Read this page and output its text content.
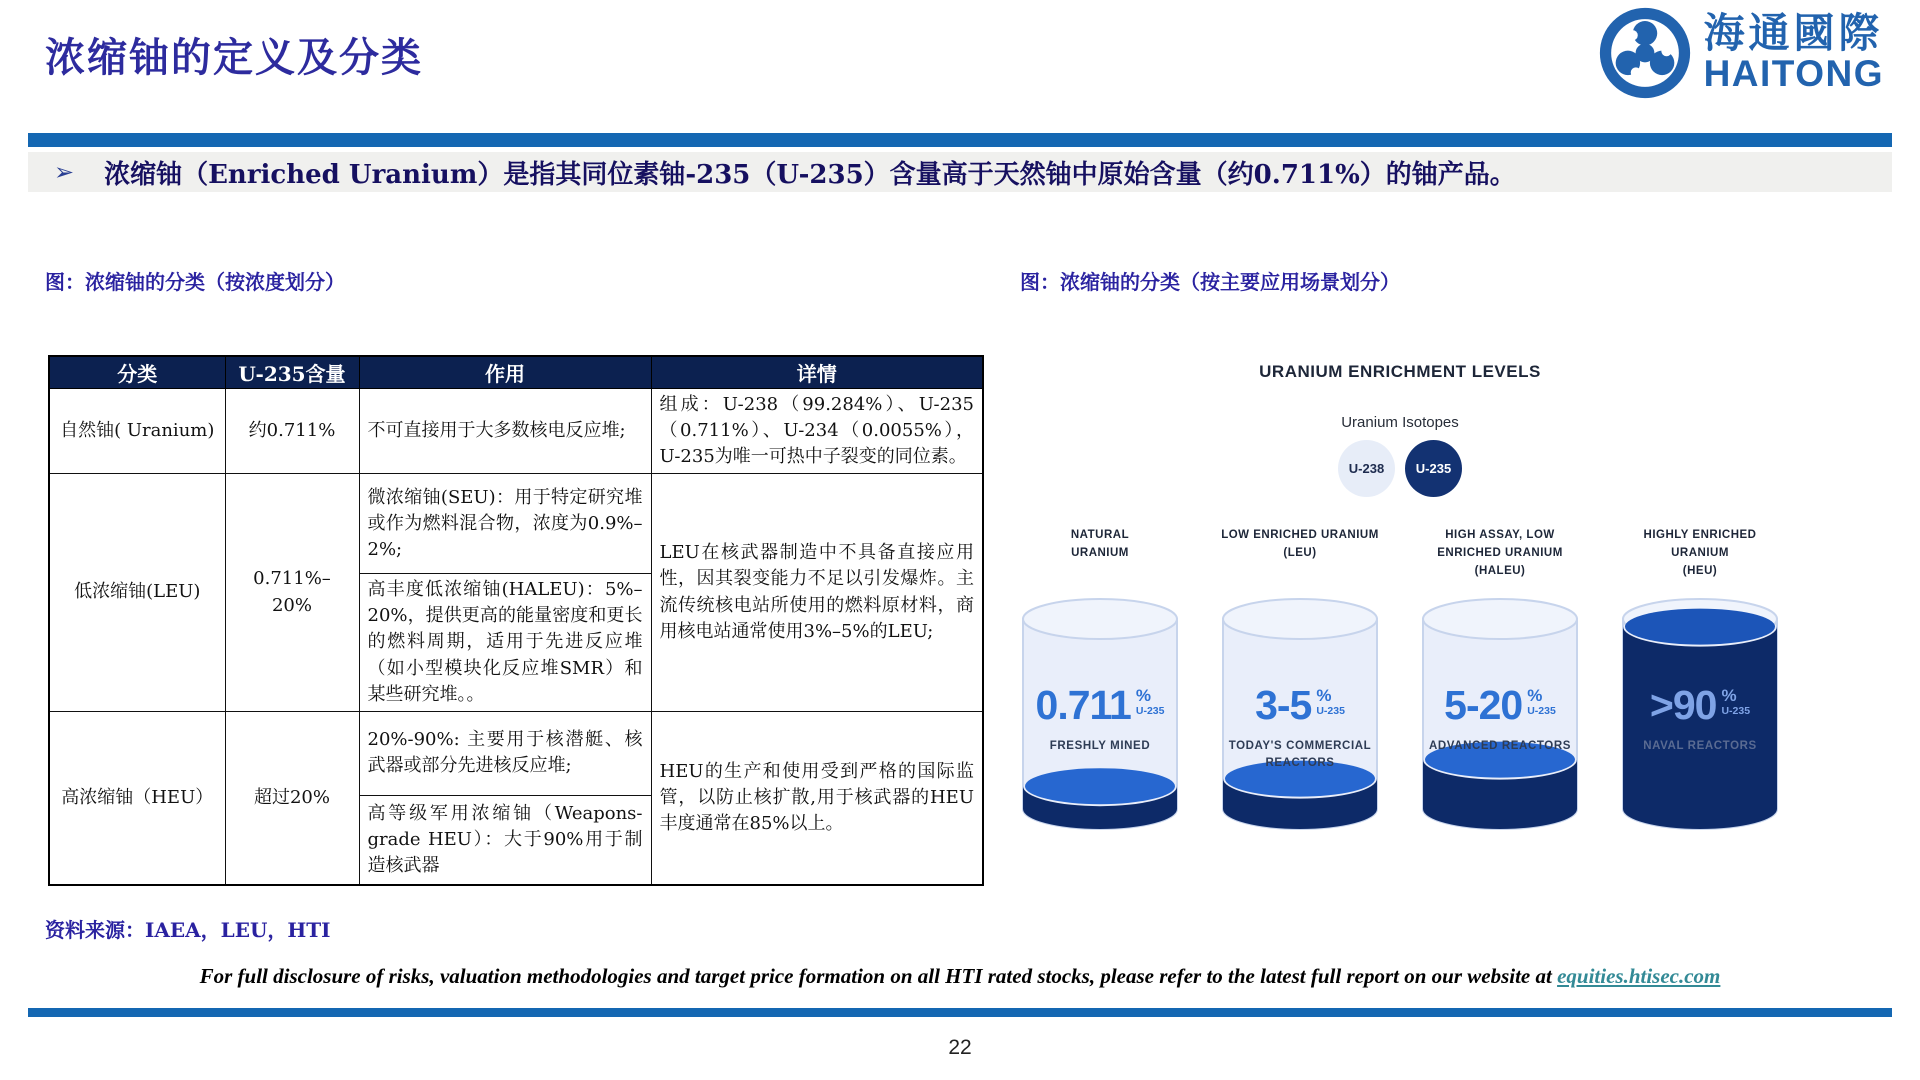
浓缩铀的定义及分类
海通國際
HAITONG
➢ 浓缩铀（Enriched Uranium）是指其同位素铀-235（U-235）含量高于天然铀中原始含量（约0.711%）的铀产品。
图：浓缩铀的分类（按浓度划分）	图：浓缩铀的分类（按主要应用场景划分）
分类	U-235含量	作用	详情
自然铀( Uranium)	约0.711%	不可直接用于大多数核电反应堆;	组成：U-238（99.284%）、U-235（0.711%）、U-234（0.0055%），U-235为唯一可热中子裂变的同位素。
低浓缩铀(LEU)	0.711%–20%	微浓缩铀(SEU)：用于特定研究堆或作为燃料混合物，浓度为0.9%–2%;	LEU在核武器制造中不具备直接应用性，因其裂变能力不足以引发爆炸。主流传统核电站所使用的燃料原材料，商用核电站通常使用3%–5%的LEU;
		高丰度低浓缩铀(HALEU)：5%–20%，提供更高的能量密度和更长的燃料周期，适用于先进反应堆（如小型模块化反应堆SMR）和某些研究堆。。	
高浓缩铀（HEU）	超过20%	20%-90%: 主要用于核潜艇、核武器或部分先进核反应堆;	HEU的生产和使用受到严格的国际监管，以防止核扩散,用于核武器的HEU丰度通常在85%以上。
		高等级军用浓缩铀（Weapons-grade HEU）：大于90%用于制造核武器	
URANIUM ENRICHMENT LEVELS
Uranium Isotopes
U-238	U-235
NATURAL
URANIUM
0.711 %
U-235
FRESHLY MINED
LOW ENRICHED URANIUM
(LEU)
3-5 %
U-235
TODAY'S COMMERCIAL REACTORS
HIGH ASSAY, LOW
ENRICHED URANIUM
(HALEU)
5-20 %
U-235
ADVANCED REACTORS
HIGHLY ENRICHED
URANIUM
(HEU)
>90 %
U-235
NAVAL REACTORS
资料来源：IAEA，LEU，HTI
For full disclosure of risks, valuation methodologies and target price formation on all HTI rated stocks, please refer to the latest full report on our website at equities.htisec.com
22
